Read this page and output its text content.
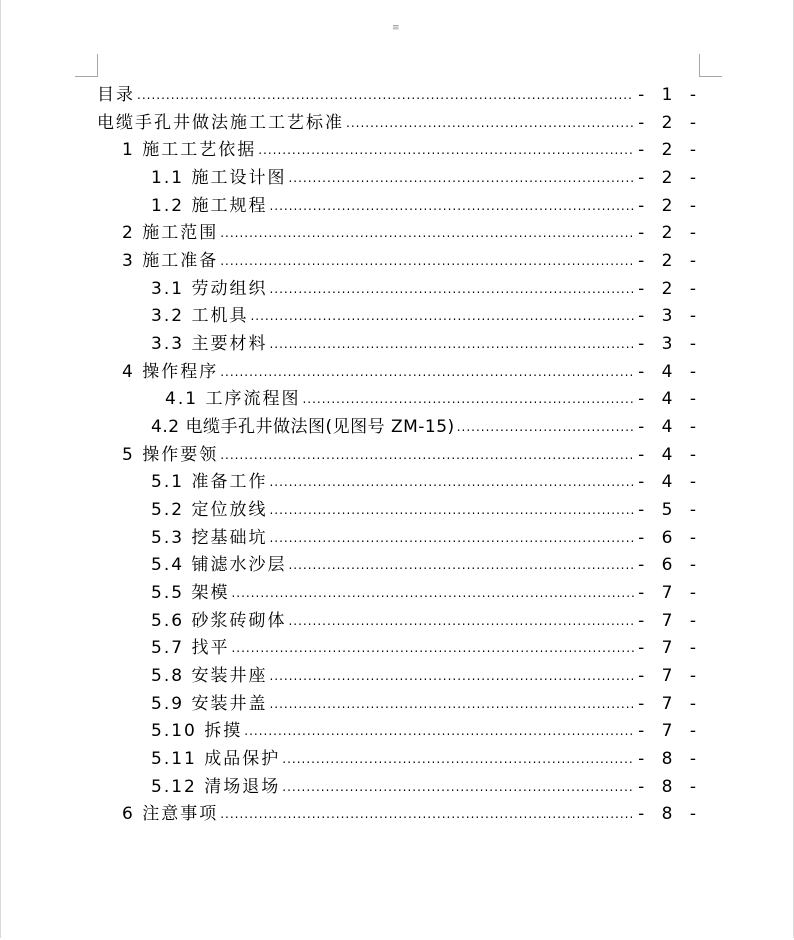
≡
目录 .....	- 1 -
电缆手孔井做法施工工艺标准 .....	- 2 -
1 施工工艺依据 .....	- 2 -
1.1 施工设计图 .....	- 2 -
1.2 施工规程 .....	- 2 -
2 施工范围 .....	- 2 -
3 施工准备 .....	- 2 -
3.1 劳动组织 .....	- 2 -
3.2 工机具 .....	- 3 -
3.3 主要材料 .....	- 3 -
4 操作程序 .....	- 4 -
4.1 工序流程图 .....	- 4 -
4.2 电缆手孔井做法图(见图号 ZM-15) .....	- 4 -
5 操作要领 .....	- 4 -
5.1 准备工作 .....	- 4 -
5.2 定位放线 .....	- 5 -
5.3 挖基础坑 .....	- 6 -
5.4 铺滤水沙层 .....	- 6 -
5.5 架模 .....	- 7 -
5.6 砂浆砖砌体 .....	- 7 -
5.7 找平 .....	- 7 -
5.8 安装井座 .....	- 7 -
5.9 安装井盖 .....	- 7 -
5.10 拆摸 .....	- 7 -
5.11 成品保护 .....	- 8 -
5.12 清场退场 .....	- 8 -
6 注意事项 .....	- 8 -
